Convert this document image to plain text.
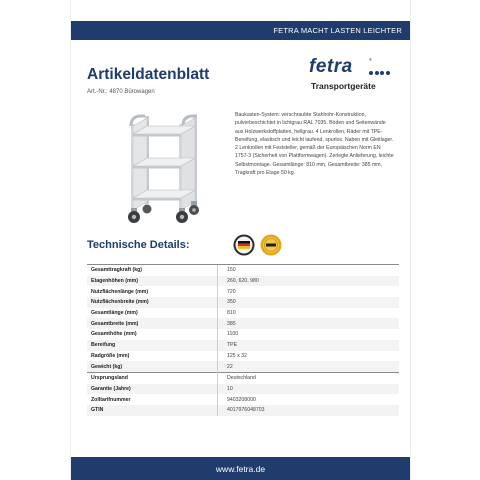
FETRA MACHT LASTEN LEICHTER
Artikeldatenblatt
Art.-Nr.: 4870 Bürowagen
fetra	®
Transportgeräte

Baukasten-System: verschraubte Stahlrohr-Konstruktion, pulverbeschichtet in lichtgrau RAL 7035. Böden und Seitenwände aus Holzwerkstoffplatten, hellgrau. 4 Lenkrollen, Räder mit TPE-Bereifung, elastisch und leicht laufend, spurlos. Naben mit Gleitlager. 2 Lenkrollen mit Feststeller, gemäß der Europäischen Norm EN 1757-3 (Sicherheit von Plattformwagen). Zerlegte Anlieferung, leichte Selbstmontage. Gesamtlänge: 810 mm, Gesamtbreite: 385 mm, Tragkraft pro Etage 50 kg.

Technische Details:
Gesamttragkraft (kg)	150
Etagenhöhen (mm)	260, 620, 980
Nutzflächenlänge (mm)	720
Nutzflächenbreite (mm)	350
Gesamtlänge (mm)	810
Gesamtbreite (mm)	385
Gesamthöhe (mm)	1100
Bereifung	TPE
Radgröße (mm)	125 x 32
Gewicht (kg)	22
Ursprungsland	Deutschland
Garantie (Jahre)	10
Zolltarifnummer	9403208000
GTIN	4017976048703
www.fetra.de
